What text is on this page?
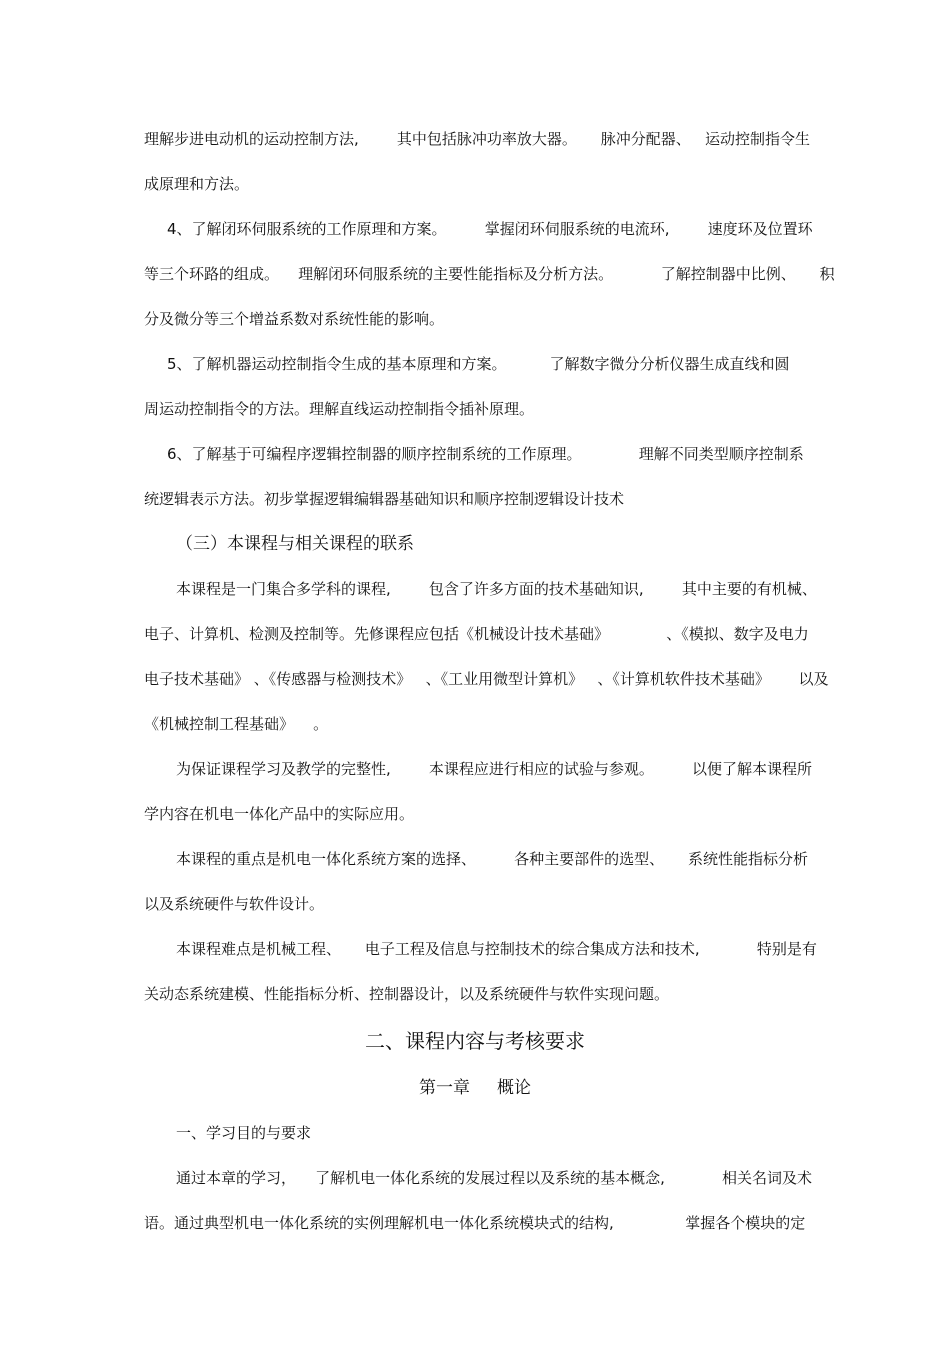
理解步进电动机的运动控制方法,        其中包括脉冲功率放大器。     脉冲分配器、   运动控制指令生
成原理和方法。
4、了解闭环伺服系统的工作原理和方案。        掌握闭环伺服系统的电流环,        速度环及位置环
等三个环路的组成。    理解闭环伺服系统的主要性能指标及分析方法。          了解控制器中比例、     积
分及微分等三个增益系数对系统性能的影响。
5、了解机器运动控制指令生成的基本原理和方案。         了解数字微分分析仪器生成直线和圆
周运动控制指令的方法。理解直线运动控制指令插补原理。
6、了解基于可编程序逻辑控制器的顺序控制系统的工作原理。            理解不同类型顺序控制系
统逻辑表示方法。初步掌握逻辑编辑器基础知识和顺序控制逻辑设计技术
（三）本课程与相关课程的联系
本课程是一门集合多学科的课程,        包含了许多方面的技术基础知识,        其中主要的有机械、
电子、计算机、检测及控制等。先修课程应包括《机械设计技术基础》            、《模拟、数字及电力
电子技术基础》 、《传感器与检测技术》   、《工业用微型计算机》   、《计算机软件技术基础》      以及
《机械控制工程基础》    。
为保证课程学习及教学的完整性,        本课程应进行相应的试验与参观。        以便了解本课程所
学内容在机电一体化产品中的实际应用。
本课程的重点是机电一体化系统方案的选择、        各种主要部件的选型、     系统性能指标分析
以及系统硬件与软件设计。
本课程难点是机械工程、     电子工程及信息与控制技术的综合集成方法和技术,            特别是有
关动态系统建模、性能指标分析、控制器设计，以及系统硬件与软件实现问题。
二、课程内容与考核要求
第一章     概论
一、学习目的与要求
通过本章的学习，    了解机电一体化系统的发展过程以及系统的基本概念,            相关名词及术
语。通过典型机电一体化系统的实例理解机电一体化系统模块式的结构,               掌握各个模块的定
